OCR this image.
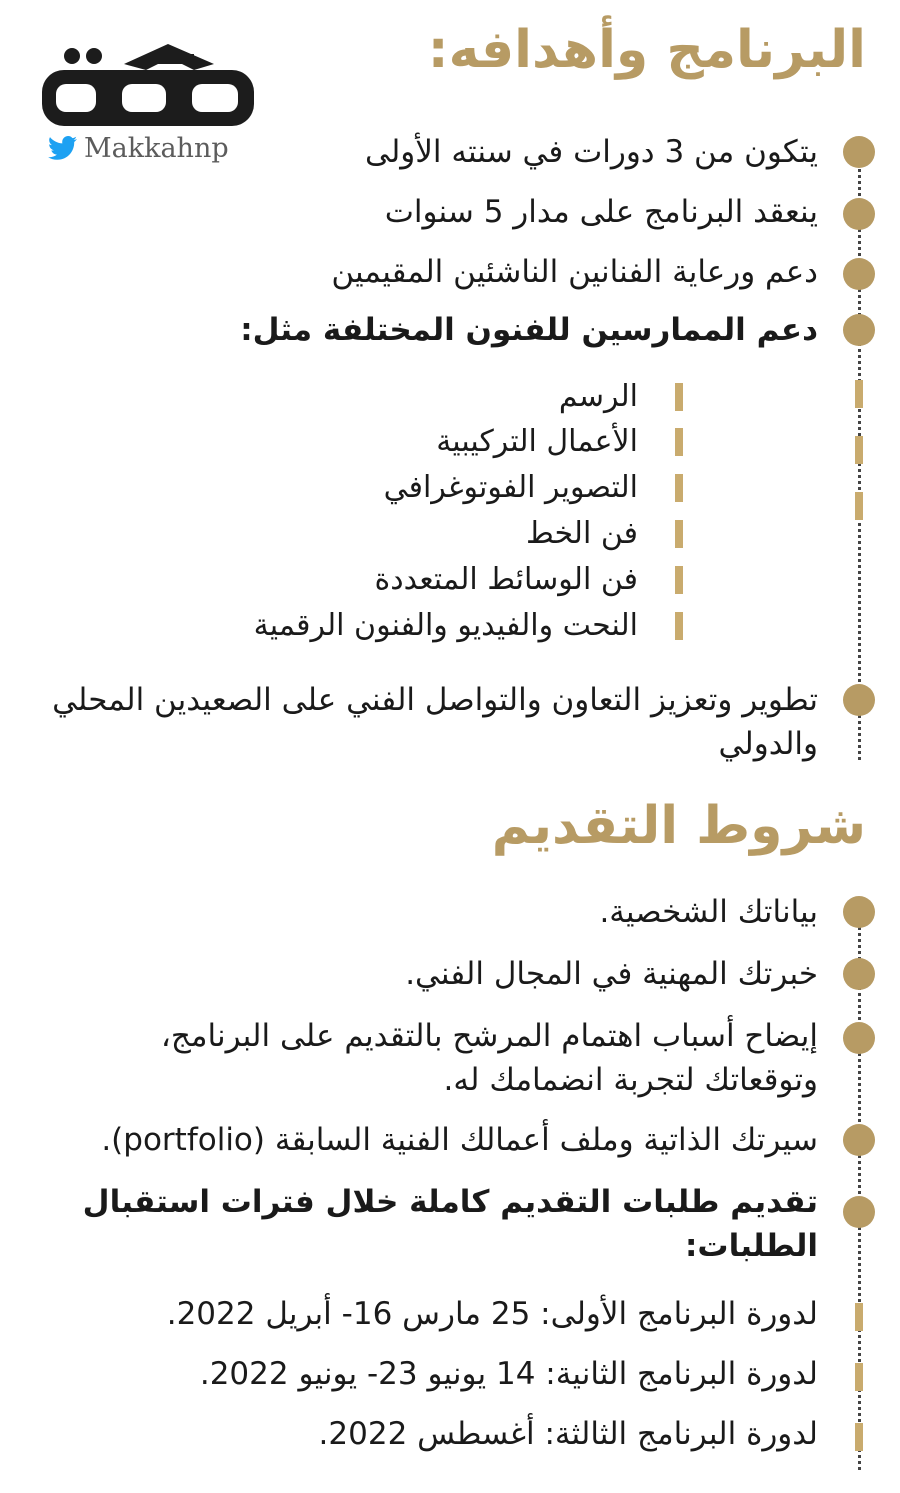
البرنامج وأهدافه:
Makkahnp	يتكون من 3 دورات في سنته الأولى

ينعقد البرنامج على مدار 5 سنوات

دعم ورعاية الفنانين الناشئين المقيمين

دعم الممارسين للفنون المختلفة مثل:

الرسم

الأعمال التركيبية

التصوير الفوتوغرافي

فن الخط

فن الوسائط المتعددة

النحت والفيديو والفنون الرقمية

تطوير وتعزيز التعاون والتواصل الفني على الصعيدين المحلي والدولي

شروط التقديم

بياناتك الشخصية.

خبرتك المهنية في المجال الفني.

إيضاح أسباب اهتمام المرشح بالتقديم على البرنامج، وتوقعاتك لتجربة انضمامك له.

سيرتك الذاتية وملف أعمالك الفنية السابقة (portfolio).

تقديم طلبات التقديم كاملة خلال فترات استقبال الطلبات:

لدورة البرنامج الأولى: 25 مارس 16- أبريل 2022.

لدورة البرنامج الثانية: 14 يونيو 23- يونيو 2022.

لدورة البرنامج الثالثة: أغسطس 2022.
